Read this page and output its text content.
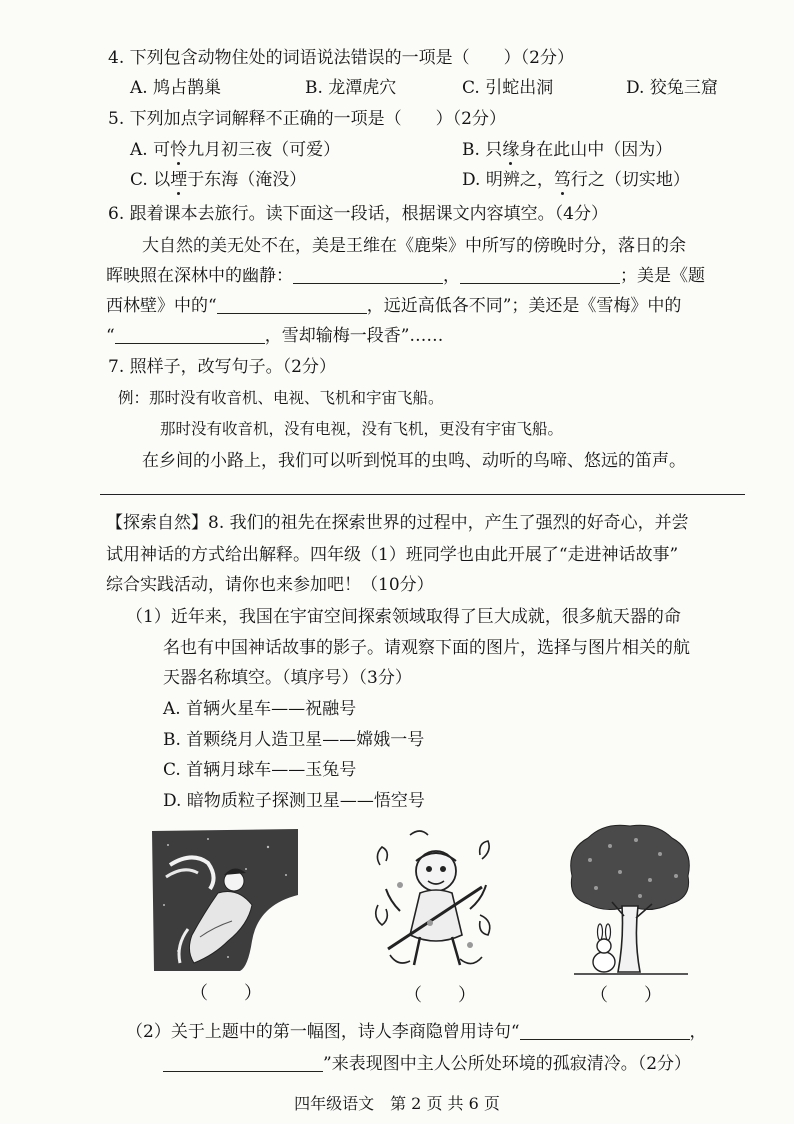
4. 下列包含动物住处的词语说法错误的一项是（　　）（2分）
A. 鸠占鹊巢	B. 龙潭虎穴	C. 引蛇出洞	D. 狡兔三窟
5. 下列加点字词解释不正确的一项是（　　）（2分）
A. 可怜九月初三夜（可爱）	B. 只缘身在此山中（因为）
C. 以堙于东海（淹没）	D. 明辨之，笃行之（切实地）
6. 跟着课本去旅行。读下面这一段话，根据课文内容填空。（4分）
大自然的美无处不在，美是王维在《鹿柴》中所写的傍晚时分，落日的余
晖映照在深林中的幽静：	，	；美是《题
西林壁》中的“	，远近高低各不同”；美还是《雪梅》中的
“	，雪却输梅一段香”……
7. 照样子，改写句子。（2分）
例：那时没有收音机、电视、飞机和宇宙飞船。
那时没有收音机，没有电视，没有飞机，更没有宇宙飞船。
在乡间的小路上，我们可以听到悦耳的虫鸣、动听的鸟啼、悠远的笛声。
【探索自然】8. 我们的祖先在探索世界的过程中，产生了强烈的好奇心，并尝
试用神话的方式给出解释。四年级（1）班同学也由此开展了“走进神话故事”
综合实践活动，请你也来参加吧！（10分）
（1）近年来，我国在宇宙空间探索领域取得了巨大成就，很多航天器的命
名也有中国神话故事的影子。请观察下面的图片，选择与图片相关的航
天器名称填空。（填序号）（3分）
A. 首辆火星车——祝融号
B. 首颗绕月人造卫星——嫦娥一号
C. 首辆月球车——玉兔号
D. 暗物质粒子探测卫星——悟空号
（　　）	（　　）	（　　）
（2）关于上题中的第一幅图，诗人李商隐曾用诗句“	，
”来表现图中主人公所处环境的孤寂清冷。（2分）
四年级语文　第 2 页 共 6 页
